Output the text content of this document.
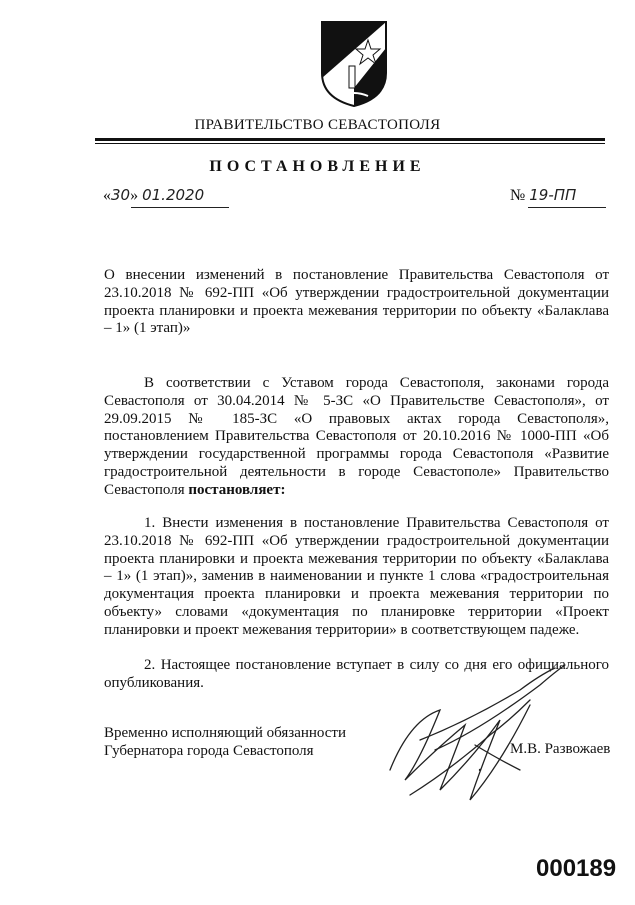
ПРАВИТЕЛЬСТВО СЕВАСТОПОЛЯ
ПОСТАНОВЛЕНИЕ
«30» 01.2020	№ 19-ПП
О внесении изменений в постановление Правительства Севастополя от 23.10.2018 № 692-ПП «Об утверждении градостроительной документации проекта планировки и проекта межевания территории по объекту «Балаклава – 1» (1 этап)»
В соответствии с Уставом города Севастополя, законами города Севастополя от 30.04.2014 № 5-ЗС «О Правительстве Севастополя», от 29.09.2015 № 185-ЗС «О правовых актах города Севастополя», постановлением Правительства Севастополя от 20.10.2016 № 1000-ПП «Об утверждении государственной программы города Севастополя «Развитие градостроительной деятельности в городе Севастополе» Правительство Севастополя постановляет:
1. Внести изменения в постановление Правительства Севастополя от 23.10.2018 № 692-ПП «Об утверждении градостроительной документации проекта планировки и проекта межевания территории по объекту «Балаклава – 1» (1 этап)», заменив в наименовании и пункте 1 слова «градостроительная документация проекта планировки и проекта межевания территории по объекту» словами «документация по планировке территории «Проект планировки и проект межевания территории» в соответствующем падеже.
2. Настоящее постановление вступает в силу со дня его официального опубликования.
Временно исполняющий обязанности
Губернатора города Севастополя	М.В. Развожаев
000189
